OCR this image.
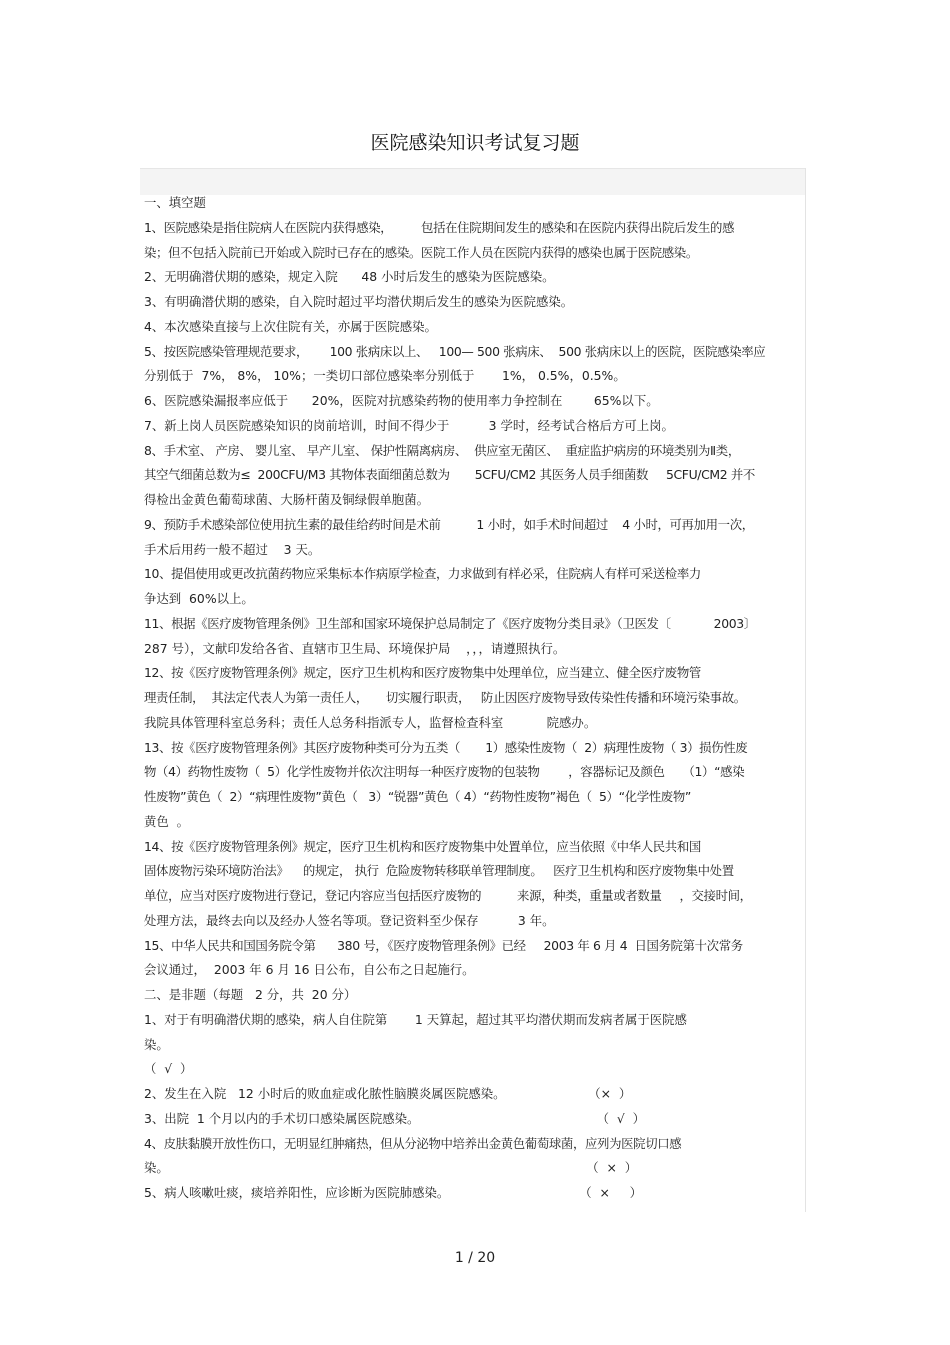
医院感染知识考试复习题
一、填空题
1、医院感染是指住院病人在医院内获得感染，        包括在住院期间发生的感染和在医院内获得出院后发生的感
染；但不包括入院前已开始或入院时已存在的感染。医院工作人员在医院内获得的感染也属于医院感染。
2、无明确潜伏期的感染，规定入院      48 小时后发生的感染为医院感染。
3、有明确潜伏期的感染，自入院时超过平均潜伏期后发生的感染为医院感染。
4、本次感染直接与上次住院有关，亦属于医院感染。
5、按医院感染管理规范要求，      100 张病床以上、   100— 500 张病床、  500 张病床以上的医院，医院感染率应
分别低于  7%， 8%， 10%；一类切口部位感染率分别低于       1%， 0.5%，0.5%。
6、医院感染漏报率应低于      20%，医院对抗感染药物的使用率力争控制在        65%以下。
7、新上岗人员医院感染知识的岗前培训，时间不得少于          3 学时，经考试合格后方可上岗。
8、手术室、 产房、 婴儿室、 早产儿室、 保护性隔离病房、  供应室无菌区、  重症监护病房的环境类别为Ⅱ类，
其空气细菌总数为≤  200CFU/M3 其物体表面细菌总数为       5CFU/CM2 其医务人员手细菌数     5CFU/CM2 并不
得检出金黄色葡萄球菌、大肠杆菌及铜绿假单胞菌。
9、预防手术感染部位使用抗生素的最佳给药时间是术前          1 小时，如手术时间超过    4 小时，可再加用一次，
手术后用药一般不超过    3 天。
10、提倡使用或更改抗菌药物应采集标本作病原学检查，力求做到有样必采，住院病人有样可采送检率力
争达到  60%以上。
11、根据《医疗废物管理条例》卫生部和国家环境保护总局制定了《医疗废物分类目录》（卫医发〔            2003〕
287 号），文献印发给各省、直辖市卫生局、环境保护局    ，，，请遵照执行。
12、按《医疗废物管理条例》规定，医疗卫生机构和医疗废物集中处理单位，应当建立、健全医疗废物管
理责任制，  其法定代表人为第一责任人，     切实履行职责，   防止因医疗废物导致传染性传播和环境污染事故。
我院具体管理科室总务科；责任人总务科指派专人，监督检查科室           院感办。
13、按《医疗废物管理条例》其医疗废物种类可分为五类（       1）感染性废物（  2）病理性废物（ 3）损伤性废
物（4）药物性废物（  5）化学性废物并依次注明每一种医疗废物的包装物        ，容器标记及颜色     （1）“感染
性废物”黄色（  2）“病理性废物”黄色（   3）“锐器”黄色（ 4）“药物性废物”褐色（  5）“化学性废物”
黄色  。
14、按《医疗废物管理条例》规定，医疗卫生机构和医疗废物集中处置单位，应当依照《中华人民共和国
固体废物污染环境防治法》    的规定， 执行  危险废物转移联单管理制度。   医疗卫生机构和医疗废物集中处置
单位，应当对医疗废物进行登记，登记内容应当包括医疗废物的          来源，种类，重量或者数量     ，交接时间，
处理方法，最终去向以及经办人签名等项。登记资料至少保存          3 年。
15、中华人民共和国国务院令第      380 号，《医疗废物管理条例》已经     2003 年 6 月 4  日国务院第十次常务
会议通过，  2003 年 6 月 16 日公布，自公布之日起施行。
二、是非题（每题   2 分，共  20 分）
1、对于有明确潜伏期的感染，病人自住院第       1 天算起，超过其平均潜伏期而发病者属于医院感
染。
（  √  ）
2、发生在入院   12 小时后的败血症或化脓性脑膜炎属医院感染。                     （×  ）
3、出院  1 个月以内的手术切口感染属医院感染。                                             （  √  ）
4、皮肤黏膜开放性伤口，无明显红肿痛热，但从分泌物中培养出金黄色葡萄球菌，应列为医院切口感
染。                                                                                                          （  ×  ）
5、病人咳嗽吐痰，痰培养阳性，应诊断为医院肺感染。                                 （  ×     ）
1 / 20
